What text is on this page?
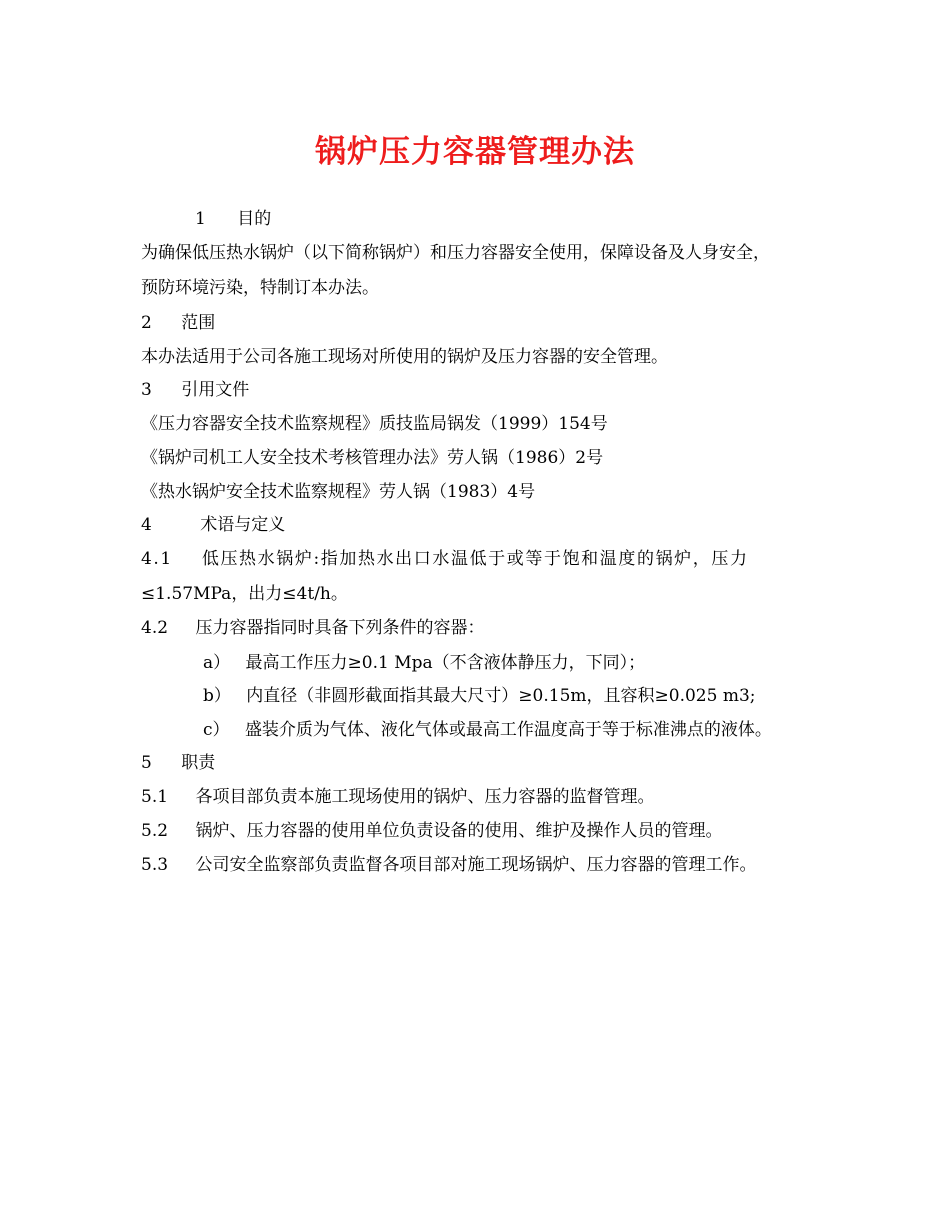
锅炉压力容器管理办法
1 目的
为确保低压热水锅炉（以下简称锅炉）和压力容器安全使用，保障设备及人身安全，
预防环境污染，特制订本办法。
2 范围
本办法适用于公司各施工现场对所使用的锅炉及压力容器的安全管理。
3 引用文件
《压力容器安全技术监察规程》质技监局锅发（1999）154号
《锅炉司机工人安全技术考核管理办法》劳人锅（1986）2号
《热水锅炉安全技术监察规程》劳人锅（1983）4号
4	术语与定义
4.1 低压热水锅炉:指加热水出口水温低于或等于饱和温度的锅炉，压力
≤1.57MPa，出力≤4t/h。
4.2 压力容器指同时具备下列条件的容器：
a） 最高工作压力≥0.1 Mpa（不含液体静压力，下同）；
b） 内直径（非圆形截面指其最大尺寸）≥0.15m，且容积≥0.025 m3;
c） 盛装介质为气体、液化气体或最高工作温度高于等于标准沸点的液体。
5 职责
5.1 各项目部负责本施工现场使用的锅炉、压力容器的监督管理。
5.2 锅炉、压力容器的使用单位负责设备的使用、维护及操作人员的管理。
5.3 公司安全监察部负责监督各项目部对施工现场锅炉、压力容器的管理工作。
